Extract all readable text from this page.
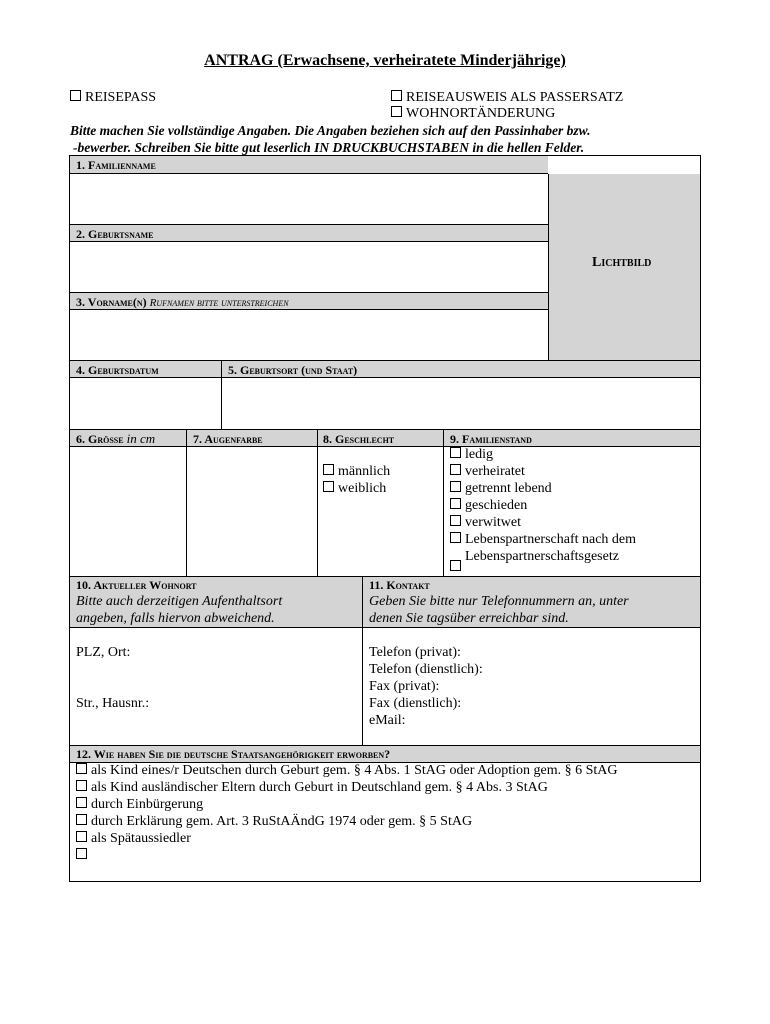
ANTRAG (Erwachsene, verheiratete Minderjährige)
REISEPASS	REISEAUSWEIS ALS PASSERSATZ
WOHNORTÄNDERUNG
Bitte machen Sie vollständige Angaben. Die Angaben beziehen sich auf den Passinhaber bzw.
-bewerber. Schreiben Sie bitte gut leserlich IN DRUCKBUCHSTABEN in die hellen Felder.
1. Familienname
2. Geburtsname
3. Vorname(n) Rufnamen bitte unterstreichen
Lichtbild
4. Geburtsdatum	5. Geburtsort (und Staat)
6. Grösse in cm	7. Augenfarbe	8. Geschlecht	9. Familienstand
männlich
weiblich
ledig
verheiratet
getrennt lebend
geschieden
verwitwet
Lebenspartnerschaft nach dem
Lebenspartnerschaftsgesetz
10. Aktueller Wohnort
Bitte auch derzeitigen Aufenthaltsort
angeben, falls hiervon abweichend.
PLZ, Ort:
Str., Hausnr.:
11. Kontakt
Geben Sie bitte nur Telefonnummern an, unter
denen Sie tagsüber erreichbar sind.
Telefon (privat):
Telefon (dienstlich):
Fax (privat):
Fax (dienstlich):
eMail:
12. Wie haben Sie die deutsche Staatsangehörigkeit erworben?
als Kind eines/r Deutschen durch Geburt gem. § 4 Abs. 1 StAG oder Adoption gem. § 6 StAG
als Kind ausländischer Eltern durch Geburt in Deutschland gem. § 4 Abs. 3 StAG
durch Einbürgerung
durch Erklärung gem. Art. 3 RuStAÄndG 1974 oder gem. § 5 StAG
als Spätaussiedler
